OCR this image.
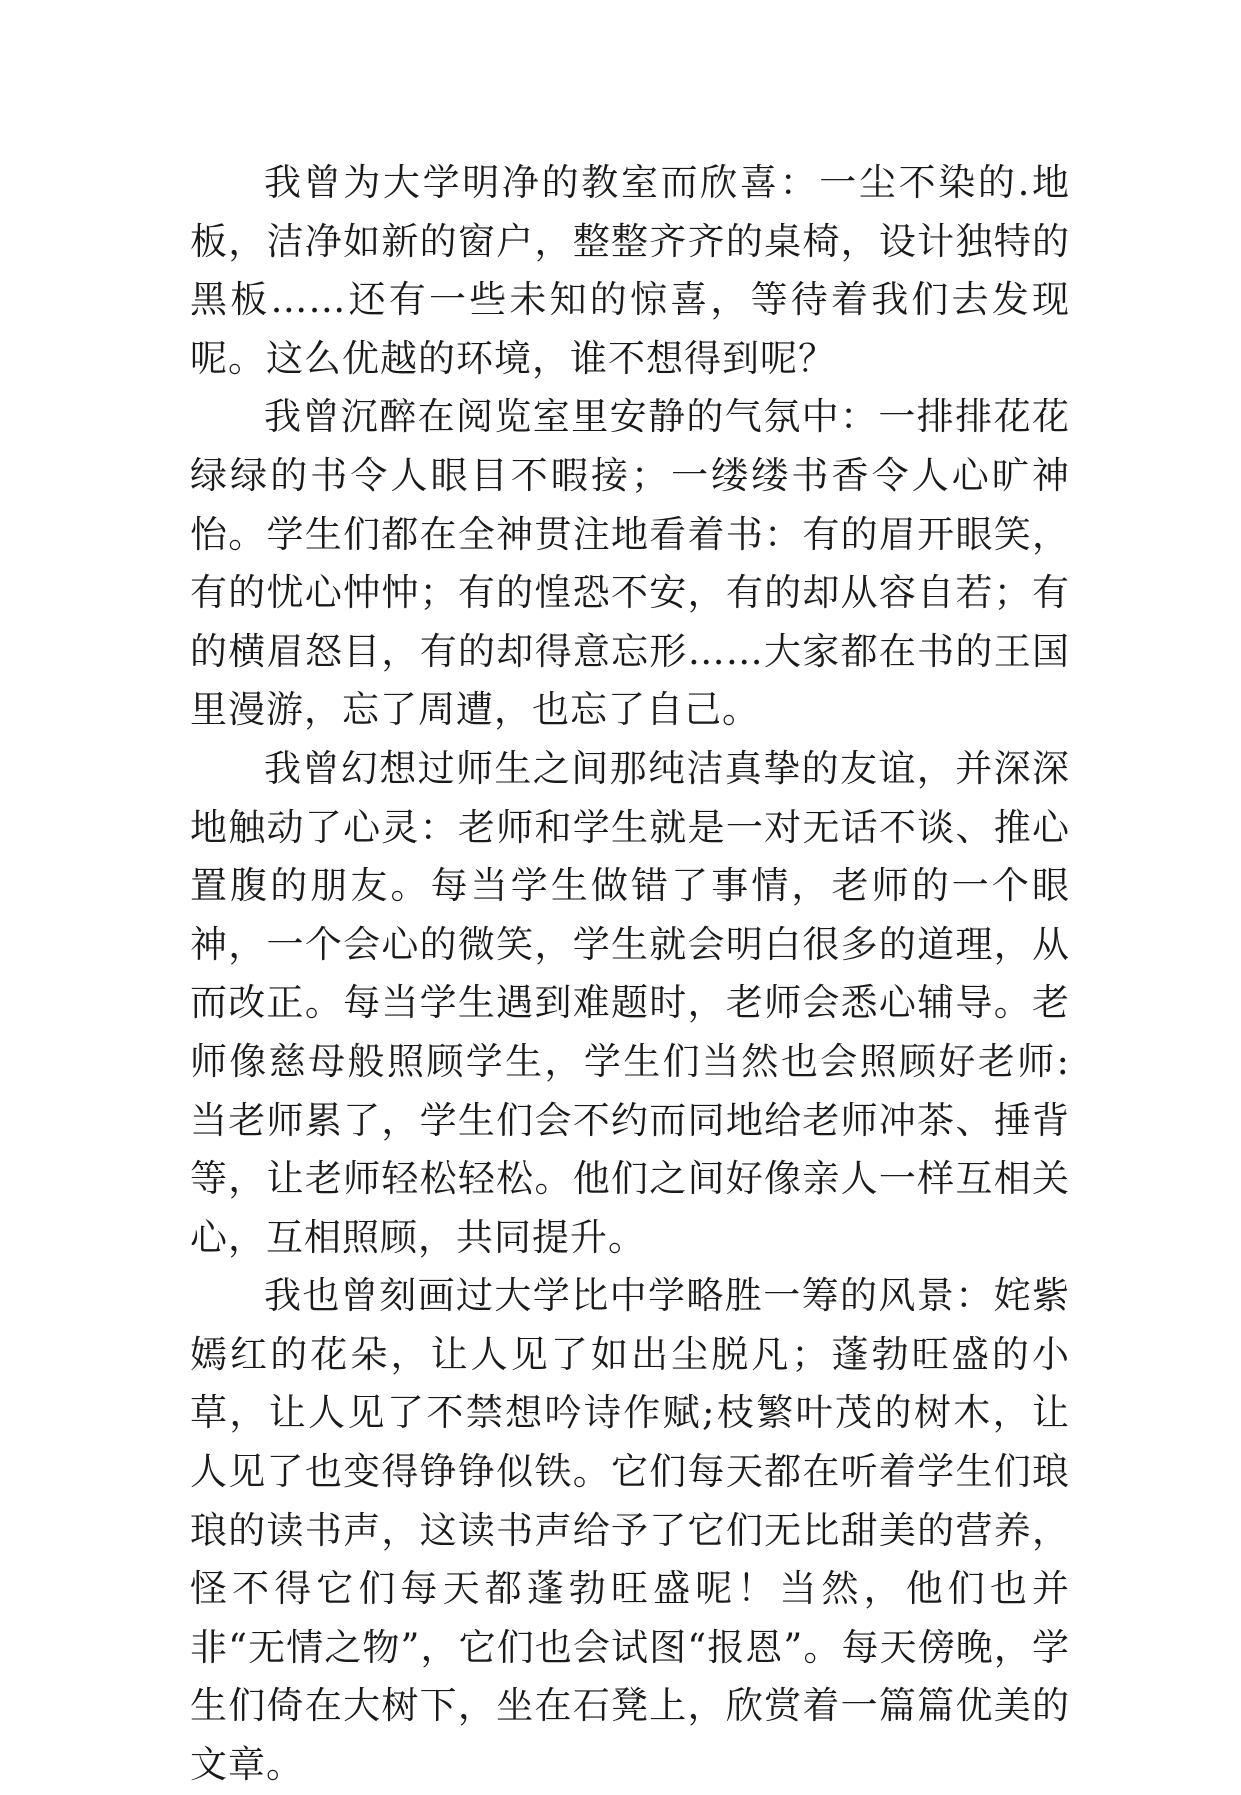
我曾为大学明净的教室而欣喜：一尘不染的.地板，洁净如新的窗户，整整齐齐的桌椅，设计独特的黑板……还有一些未知的惊喜，等待着我们去发现呢。这么优越的环境，谁不想得到呢？

我曾沉醉在阅览室里安静的气氛中：一排排花花绿绿的书令人眼目不暇接；一缕缕书香令人心旷神怡。学生们都在全神贯注地看着书：有的眉开眼笑，有的忧心忡忡；有的惶恐不安，有的却从容自若；有的横眉怒目，有的却得意忘形……大家都在书的王国里漫游，忘了周遭，也忘了自己。

我曾幻想过师生之间那纯洁真挚的友谊，并深深地触动了心灵：老师和学生就是一对无话不谈、推心置腹的朋友。每当学生做错了事情，老师的一个眼神，一个会心的微笑，学生就会明白很多的道理，从而改正。每当学生遇到难题时，老师会悉心辅导。老师像慈母般照顾学生，学生们当然也会照顾好老师:当老师累了，学生们会不约而同地给老师冲茶、捶背等，让老师轻松轻松。他们之间好像亲人一样互相关心，互相照顾，共同提升。

我也曾刻画过大学比中学略胜一筹的风景：姹紫嫣红的花朵，让人见了如出尘脱凡；蓬勃旺盛的小草，让人见了不禁想吟诗作赋;枝繁叶茂的树木，让人见了也变得铮铮似铁。它们每天都在听着学生们琅琅的读书声，这读书声给予了它们无比甜美的营养，怪不得它们每天都蓬勃旺盛呢！当然，他们也并非“无情之物”，它们也会试图“报恩”。每天傍晚，学生们倚在大树下，坐在石凳上，欣赏着一篇篇优美的文章。
